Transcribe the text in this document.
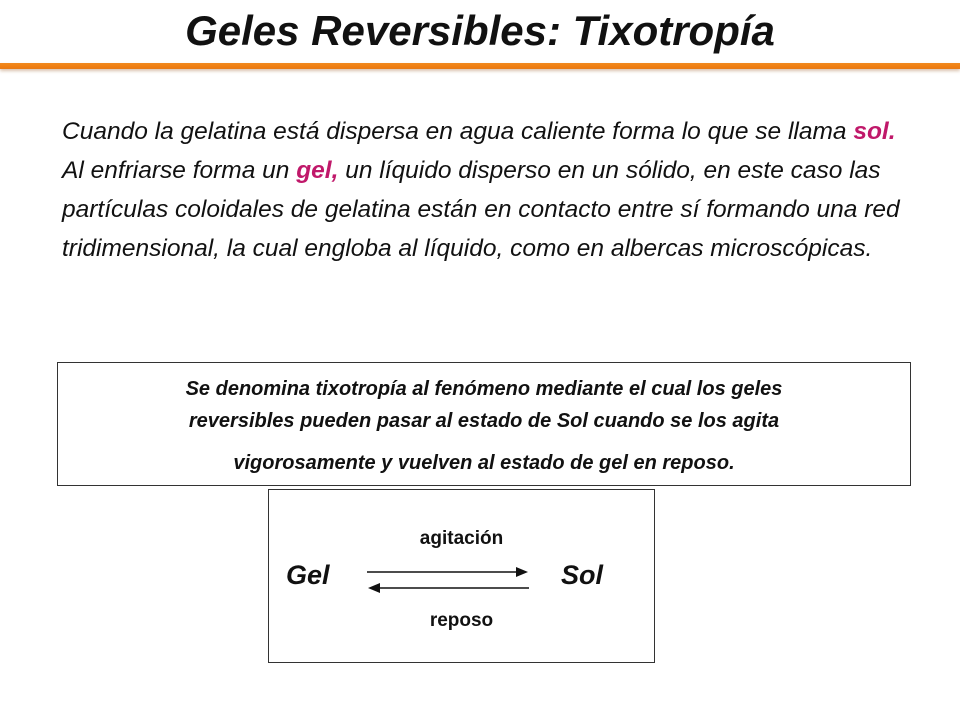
Geles Reversibles: Tixotropía

Cuando la gelatina está dispersa en agua caliente forma lo que se llama sol.

Al enfriarse forma un gel, un líquido disperso en un sólido, en este caso las partículas coloidales de gelatina están en contacto entre sí formando una red tridimensional, la cual engloba al líquido, como en albercas microscópicas.

Se denomina tixotropía al fenómeno mediante el cual los geles
reversibles pueden pasar al estado de Sol cuando se los agita
vigorosamente y vuelven al estado de gel en reposo.
agitación
Gel	Sol
reposo
